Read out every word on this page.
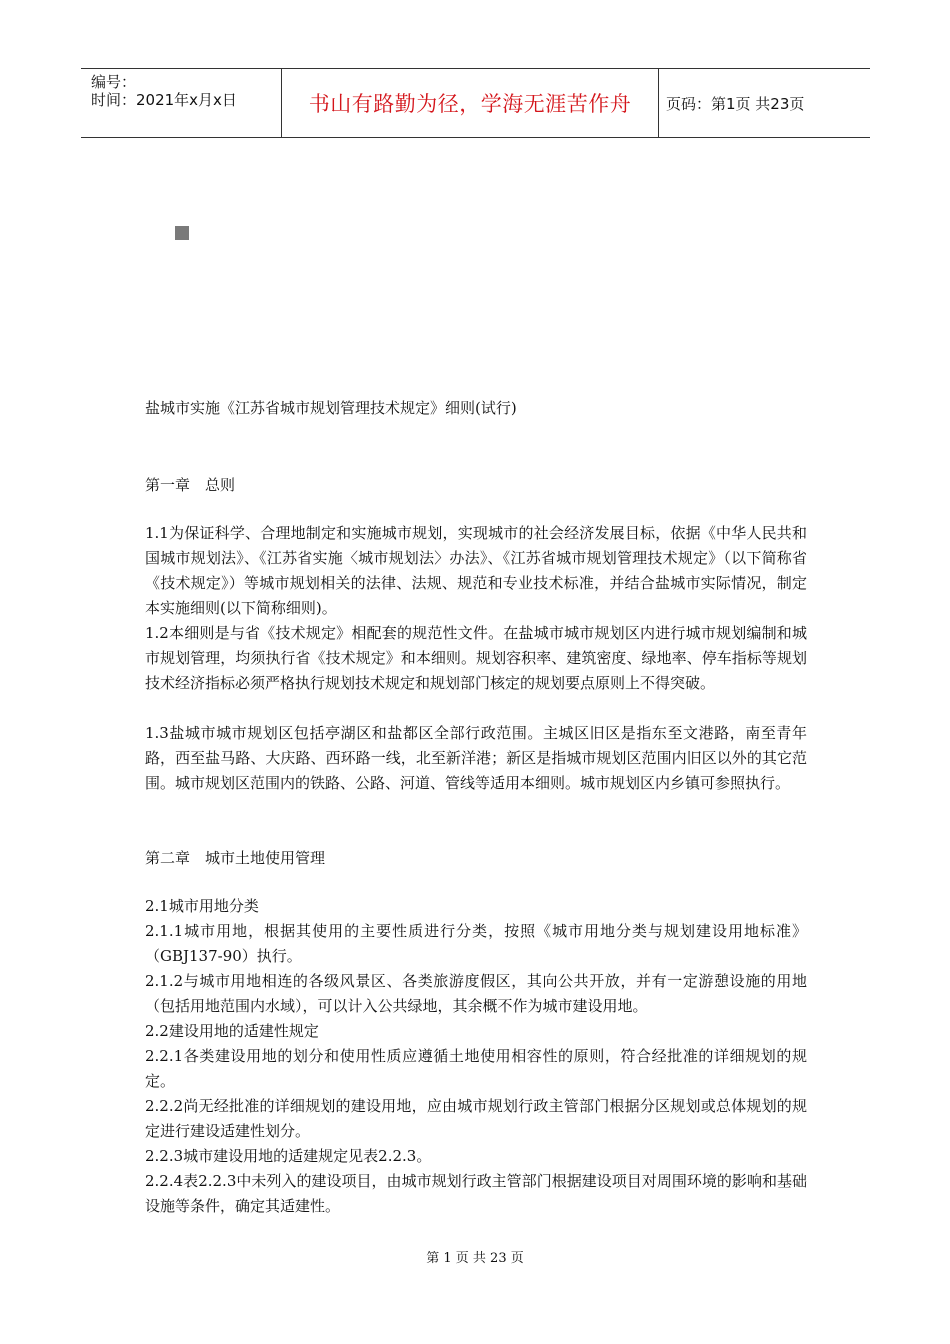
编号：
时间：2021年x月x日	书山有路勤为径，学海无涯苦作舟 页码：第1页 共23页
盐城市实施《江苏省城市规划管理技术规定》细则(试行)
第一章　总则
1.1为保证科学、合理地制定和实施城市规划，实现城市的社会经济发展目标，依据《中华人民共和国城市规划法》、《江苏省实施〈城市规划法〉办法》、《江苏省城市规划管理技术规定》（以下简称省《技术规定》）等城市规划相关的法律、法规、规范和专业技术标准，并结合盐城市实际情况，制定本实施细则(以下简称细则)。
1.2本细则是与省《技术规定》相配套的规范性文件。在盐城市城市规划区内进行城市规划编制和城市规划管理，均须执行省《技术规定》和本细则。规划容积率、建筑密度、绿地率、停车指标等规划技术经济指标必须严格执行规划技术规定和规划部门核定的规划要点原则上不得突破。
1.3盐城市城市规划区包括亭湖区和盐都区全部行政范围。主城区旧区是指东至文港路，南至青年路，西至盐马路、大庆路、西环路一线，北至新洋港；新区是指城市规划区范围内旧区以外的其它范围。城市规划区范围内的铁路、公路、河道、管线等适用本细则。城市规划区内乡镇可参照执行。
第二章　城市土地使用管理
2.1城市用地分类
2.1.1城市用地，根据其使用的主要性质进行分类，按照《城市用地分类与规划建设用地标准》（GBJ137-90）执行。
2.1.2与城市用地相连的各级风景区、各类旅游度假区，其向公共开放，并有一定游憩设施的用地（包括用地范围内水域），可以计入公共绿地，其余概不作为城市建设用地。
2.2建设用地的适建性规定
2.2.1各类建设用地的划分和使用性质应遵循土地使用相容性的原则，符合经批准的详细规划的规定。
2.2.2尚无经批准的详细规划的建设用地，应由城市规划行政主管部门根据分区规划或总体规划的规定进行建设适建性划分。
2.2.3城市建设用地的适建规定见表2.2.3。
2.2.4表2.2.3中未列入的建设项目，由城市规划行政主管部门根据建设项目对周围环境的影响和基础设施等条件，确定其适建性。
第 1 页 共 23 页
